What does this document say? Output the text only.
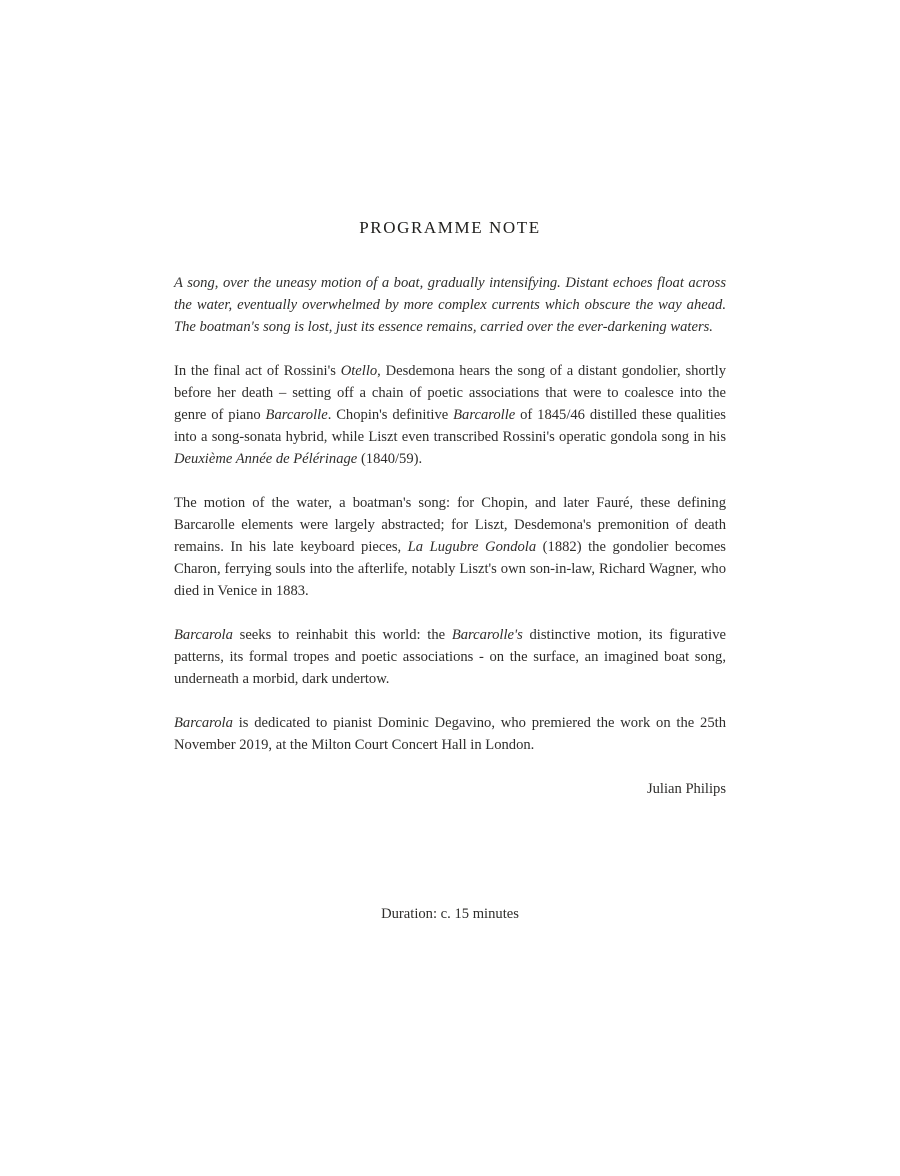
PROGRAMME NOTE

A song, over the uneasy motion of a boat, gradually intensifying. Distant echoes float across the water, eventually overwhelmed by more complex currents which obscure the way ahead. The boatman's song is lost, just its essence remains, carried over the ever-darkening waters.

In the final act of Rossini's Otello, Desdemona hears the song of a distant gondolier, shortly before her death – setting off a chain of poetic associations that were to coalesce into the genre of piano Barcarolle. Chopin's definitive Barcarolle of 1845/46 distilled these qualities into a song-sonata hybrid, while Liszt even transcribed Rossini's operatic gondola song in his Deuxième Année de Pélérinage (1840/59).

The motion of the water, a boatman's song: for Chopin, and later Fauré, these defining Barcarolle elements were largely abstracted; for Liszt, Desdemona's premonition of death remains. In his late keyboard pieces, La Lugubre Gondola (1882) the gondolier becomes Charon, ferrying souls into the afterlife, notably Liszt's own son-in-law, Richard Wagner, who died in Venice in 1883.

Barcarola seeks to reinhabit this world: the Barcarolle's distinctive motion, its figurative patterns, its formal tropes and poetic associations - on the surface, an imagined boat song, underneath a morbid, dark undertow.

Barcarola is dedicated to pianist Dominic Degavino, who premiered the work on the 25th November 2019, at the Milton Court Concert Hall in London.

Julian Philips

Duration: c. 15 minutes
